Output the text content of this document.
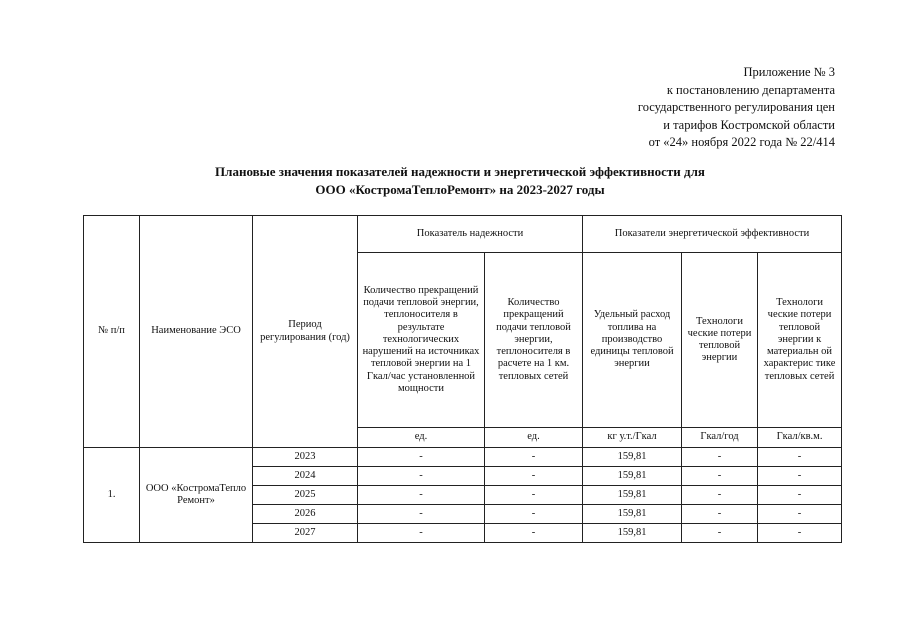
Приложение № 3
к постановлению департамента
государственного регулирования цен
и тарифов Костромской области
от «24» ноября 2022 года № 22/414
Плановые значения показателей надежности и энергетической эффективности для
ООО «КостромаТеплоРемонт» на 2023-2027 годы
№ п/п	Наименование ЭСО	Период регулирования (год)	Показатель надежности		Показатели энергетической эффективности		
			Количество прекращений подачи тепловой энергии, теплоносителя в результате технологических нарушений на источниках тепловой энергии на 1 Гкал/час установленной мощности	Количество прекращений подачи тепловой энергии, теплоносителя в расчете на 1 км. тепловых сетей	Удельный расход топлива на производство единицы тепловой энергии	Технологи ческие потери тепловой энергии	Технологи ческие потери тепловой энергии к материальн ой характерис тике тепловых сетей
			ед.	ед.	кг у.т./Гкал	Гкал/год	Гкал/кв.м.
1.	ООО «КостромаТепло Ремонт»	2023	-	-	159,81	-	-
		2024	-	-	159,81	-	-
		2025	-	-	159,81	-	-
		2026	-	-	159,81	-	-
		2027	-	-	159,81	-	-
